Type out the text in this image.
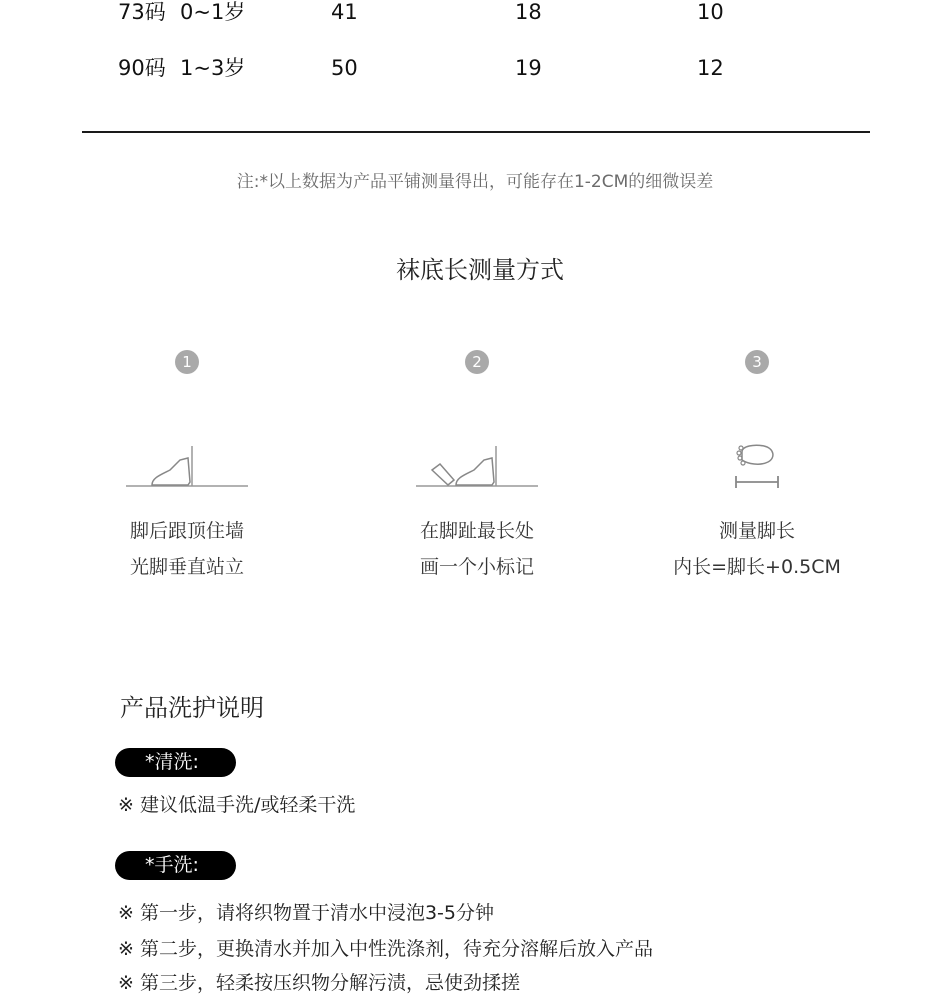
73码 0~1岁	41	18	10
90码 1~3岁	50	19	12
注:*以上数据为产品平铺测量得出，可能存在1-2CM的细微误差
袜底长测量方式
1
脚后跟顶住墙
光脚垂直站立
2
在脚趾最长处
画一个小标记
3
测量脚长
内长=脚长+0.5CM
产品洗护说明
*清洗:
※ 建议低温手洗/或轻柔干洗
*手洗:
※ 第一步，请将织物置于清水中浸泡3-5分钟
※ 第二步，更换清水并加入中性洗涤剂，待充分溶解后放入产品
※ 第三步，轻柔按压织物分解污渍，忌使劲揉搓
